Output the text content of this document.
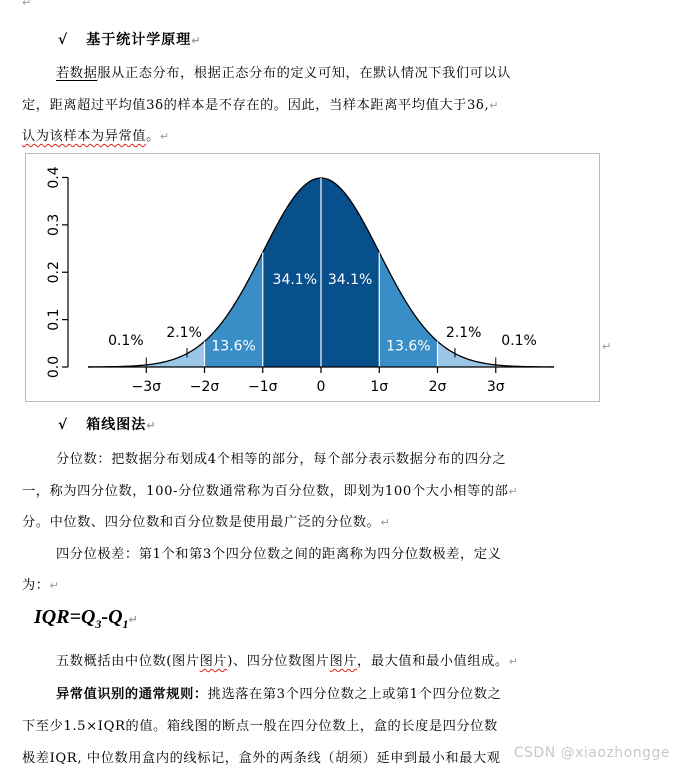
↵
√ 基于统计学原理↵
若数据服从正态分布，根据正态分布的定义可知，在默认情况下我们可以认
定，距离超过平均值3δ的样本是不存在的。因此，当样本距离平均值大于3δ,↵
认为该样本为异常值。↵
0.0
0.1
0.2
0.3
0.4
−3σ −2σ −1σ	0	1σ	2σ	3σ
0.1%
2.1%
13.6%
34.1% 34.1%
13.6%
2.1%
0.1%	↵
√ 箱线图法↵
分位数：把数据分布划成4个相等的部分，每个部分表示数据分布的四分之
一，称为四分位数，100-分位数通常称为百分位数，即划为100个大小相等的部↵
分。中位数、四分位数和百分位数是使用最广泛的分位数。↵
四分位极差：第1个和第3个四分位数之间的距离称为四分位数极差，定义
为：↵
$IQR=Q_3-Q_1↵$
五数概括由中位数(图片图片)、四分位数图片图片，最大值和最小值组成。↵
异常值识别的通常规则：挑选落在第3个四分位数之上或第1个四分位数之
下至少1.5×IQR的值。箱线图的断点一般在四分位数上，盒的长度是四分位数
极差IQR, 中位数用盒内的线标记，盒外的两条线（胡须）延申到最小和最大观 CSDN @xiaozhongge
